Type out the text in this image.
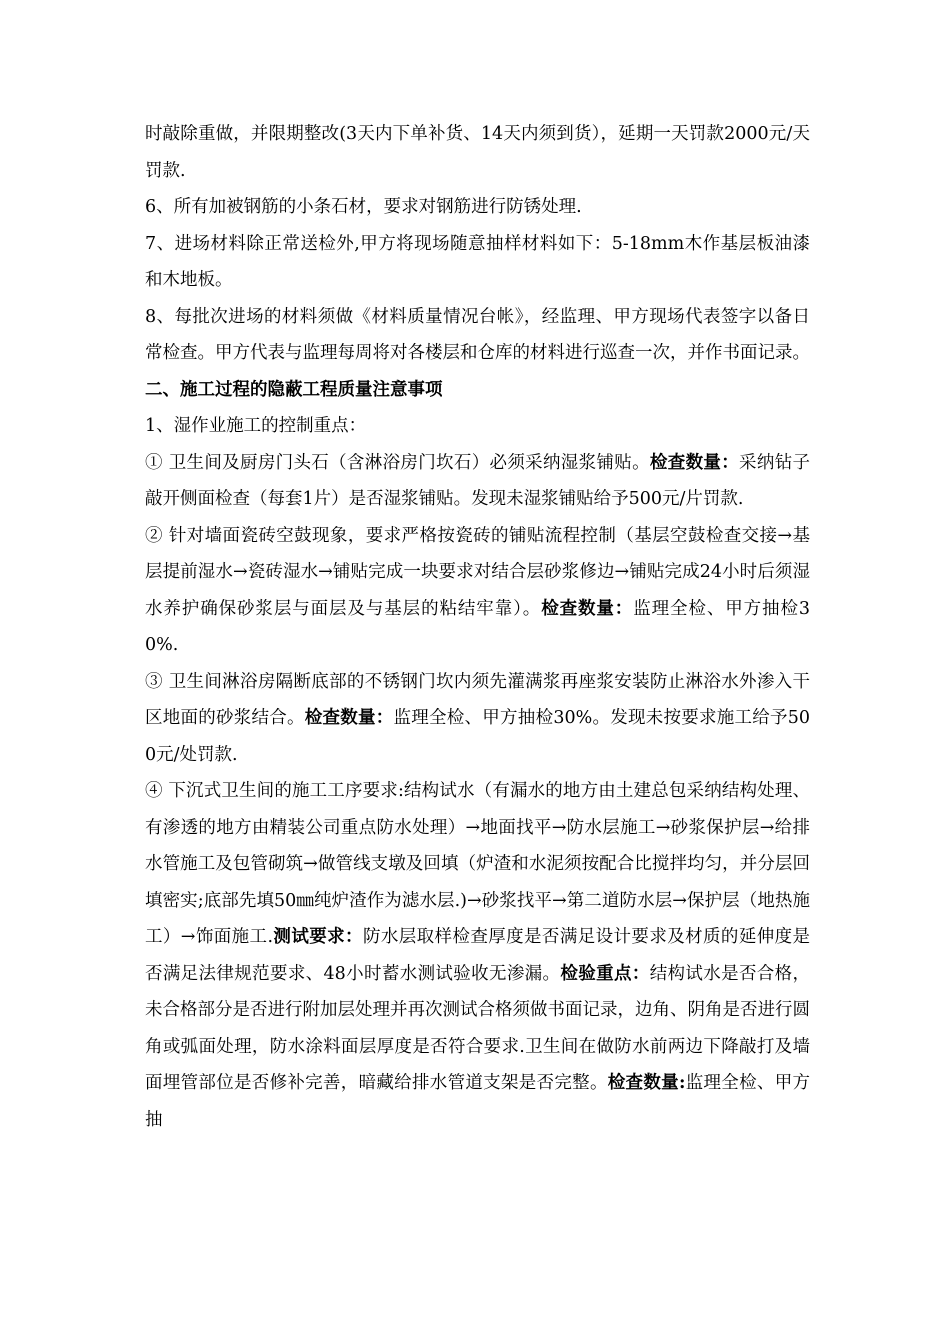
时敲除重做，并限期整改(3天内下单补货、14天内须到货），延期一天罚款2000元/天罚款.

6、所有加被钢筋的小条石材，要求对钢筋进行防锈处理.

7、进场材料除正常送检外,甲方将现场随意抽样材料如下：5-18mm木作基层板油漆和木地板。

8、每批次进场的材料须做《材料质量情况台帐》，经监理、甲方现场代表签字以备日常检查。甲方代表与监理每周将对各楼层和仓库的材料进行巡查一次，并作书面记录。

二、施工过程的隐蔽工程质量注意事项

1、湿作业施工的控制重点：

① 卫生间及厨房门头石（含淋浴房门坎石）必须采纳湿浆铺贴。检查数量：采纳钻子敲开侧面检查（每套1片）是否湿浆铺贴。发现未湿浆铺贴给予500元/片罚款.

② 针对墙面瓷砖空鼓现象，要求严格按瓷砖的铺贴流程控制（基层空鼓检查交接→基层提前湿水→瓷砖湿水→铺贴完成一块要求对结合层砂浆修边→铺贴完成24小时后须湿水养护确保砂浆层与面层及与基层的粘结牢靠）。检查数量：监理全检、甲方抽检30%.

③ 卫生间淋浴房隔断底部的不锈钢门坎内须先灌满浆再座浆安装防止淋浴水外渗入干区地面的砂浆结合。检查数量：监理全检、甲方抽检30%。发现未按要求施工给予500元/处罚款.

④ 下沉式卫生间的施工工序要求:结构试水（有漏水的地方由土建总包采纳结构处理、有渗透的地方由精装公司重点防水处理）→地面找平→防水层施工→砂浆保护层→给排水管施工及包管砌筑→做管线支墩及回填（炉渣和水泥须按配合比搅拌均匀，并分层回填密实;底部先填50㎜纯炉渣作为滤水层.)→砂浆找平→第二道防水层→保护层（地热施工）→饰面施工.测试要求：防水层取样检查厚度是否满足设计要求及材质的延伸度是否满足法律规范要求、48小时蓄水测试验收无渗漏。检验重点：结构试水是否合格，未合格部分是否进行附加层处理并再次测试合格须做书面记录，边角、阴角是否进行圆角或弧面处理，防水涂料面层厚度是否符合要求.卫生间在做防水前两边下降敲打及墙面埋管部位是否修补完善，暗藏给排水管道支架是否完整。检查数量:监理全检、甲方抽
